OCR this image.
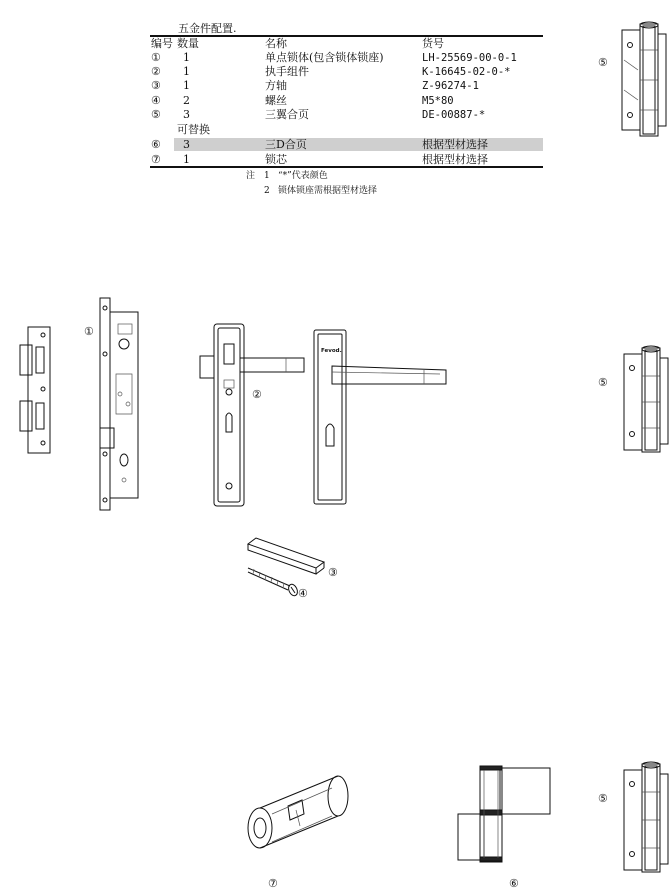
五金件配置.
编号 数量	名称	货号
① 1	单点锁体(包含锁体锁座)	LH-25569-00-0-1
② 1	执手组件	K-16645-02-0-*
③ 1	方轴	Z-96274-1
④ 2	螺丝	M5*80
⑤ 3	三翼合页	DE-00887-*
可替换
⑥ 3	三D合页	根据型材选择
⑦ 1	锁芯	根据型材选择
注 1 “*”代表颜色
2 锁体锁座需根据型材选择
⑤
⑤
⑤
①
②
Fevod.
③
④
⑦	⑥
